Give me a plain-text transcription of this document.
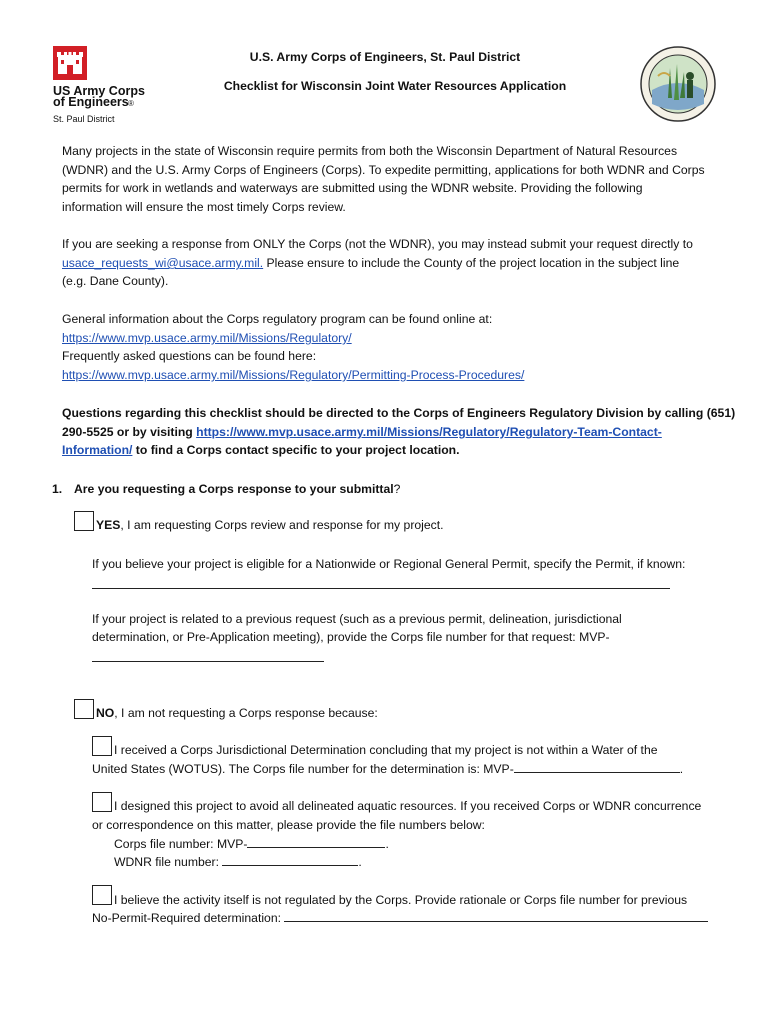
US Army Corps
of Engineers ®
St. Paul District
U.S. Army Corps of Engineers, St. Paul District
Checklist for Wisconsin Joint Water Resources Application
Many projects in the state of Wisconsin require permits from both the Wisconsin Department of Natural Resources
(WDNR) and the U.S. Army Corps of Engineers (Corps). To expedite permitting, applications for both WDNR and Corps
permits for work in wetlands and waterways are submitted using the WDNR website. Providing the following
information will ensure the most timely Corps review.
If you are seeking a response from ONLY the Corps (not the WDNR), you may instead submit your request directly to
usace_requests_wi@usace.army.mil. Please ensure to include the County of the project location in the subject line
(e.g. Dane County).
General information about the Corps regulatory program can be found online at:
https://www.mvp.usace.army.mil/Missions/Regulatory/
Frequently asked questions can be found here:
https://www.mvp.usace.army.mil/Missions/Regulatory/Permitting-Process-Procedures/
Questions regarding this checklist should be directed to the Corps of Engineers Regulatory Division by calling (651)
290-5525 or by visiting https://www.mvp.usace.army.mil/Missions/Regulatory/Regulatory-Team-Contact-
Information/ to find a Corps contact specific to your project location.
1. Are you requesting a Corps response to your submittal?
YES, I am requesting Corps review and response for my project.
If you believe your project is eligible for a Nationwide or Regional General Permit, specify the Permit, if known:
If your project is related to a previous request (such as a previous permit, delineation, jurisdictional
determination, or Pre-Application meeting), provide the Corps file number for that request: MVP-
NO, I am not requesting a Corps response because:
I received a Corps Jurisdictional Determination concluding that my project is not within a Water of the
United States (WOTUS). The Corps file number for the determination is: MVP-	.
I designed this project to avoid all delineated aquatic resources. If you received Corps or WDNR concurrence
or correspondence on this matter, please provide the file numbers below:
Corps file number: MVP-	.
WDNR file number:	.
I believe the activity itself is not regulated by the Corps. Provide rationale or Corps file number for previous
No-Permit-Required determination:
